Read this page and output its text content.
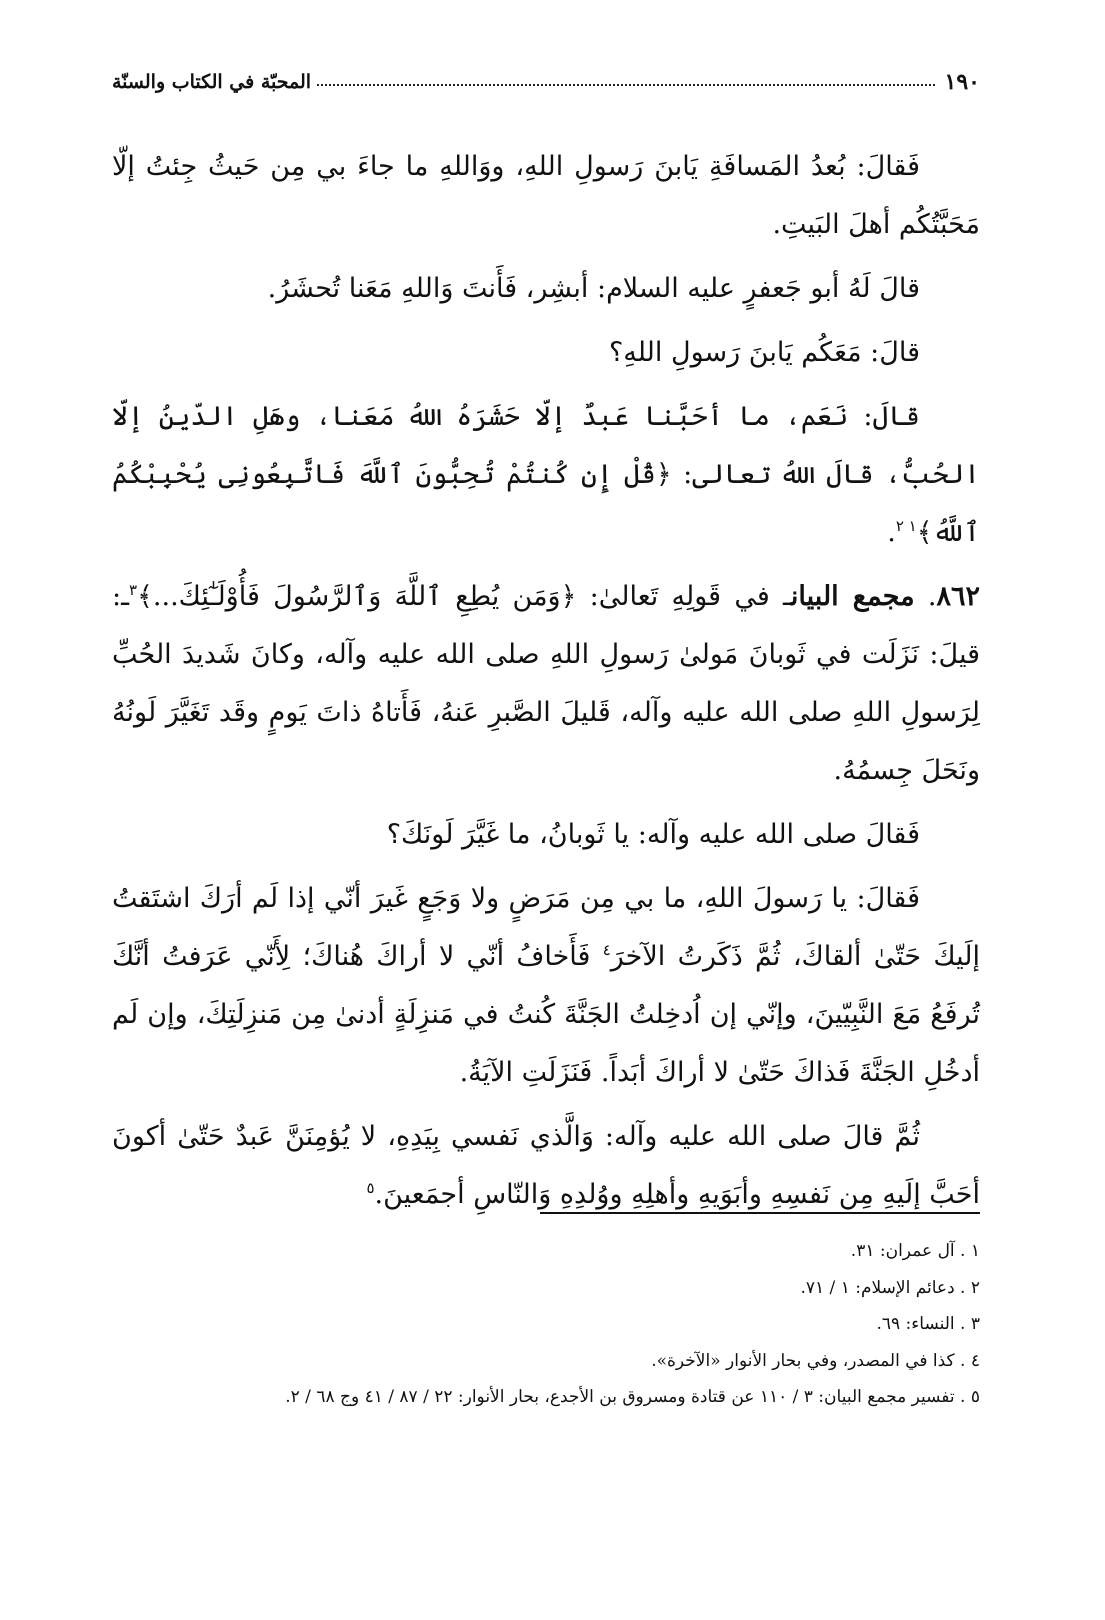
١٩٠
المحبّة في الكتاب والسنّة

فَقالَ: بُعدُ المَسافَةِ يَابنَ رَسولِ اللهِ، ووَاللهِ ما جاءَ بي مِن حَيثُ جِئتُ إلّا مَحَبَّتُكُم أهلَ البَيتِ.

قالَ لَهُ أبو جَعفرٍ عليه السلام: أبشِر، فَأَنتَ وَاللهِ مَعَنا تُحشَرُ.

قالَ: مَعَكُم يَابنَ رَسولِ اللهِ؟

قالَ: نَعَم، ما أحَبَّنا عَبدٌ إلّا حَشَرَهُ اللهُ مَعَنا، وهَلِ الدّينُ إلّا الحُبُّ، قالَ اللهُ تعالى: ﴿قُلْ إِن كُنتُمْ تُحِبُّونَ ٱللَّهَ فَاتَّبِعُونِى يُحْبِبْكُمُ ٱللَّهُ﴾$^{١ ٢}$.

٨٦٢. مجمع البيانـ في قَولِهِ تَعالىٰ: ﴿وَمَن يُطِعِ ٱللَّهَ وَٱلرَّسُولَ فَأُوْلَـٰٓئِكَ...﴾$^٣$ـ: قيلَ: نَزَلَت في ثَوبانَ مَولىٰ رَسولِ اللهِ صلى الله عليه وآله، وكانَ شَديدَ الحُبِّ لِرَسولِ اللهِ صلى الله عليه وآله، قَليلَ الصَّبرِ عَنهُ، فَأَتاهُ ذاتَ يَومٍ وقَد تَغَيَّرَ لَونُهُ ونَحَلَ جِسمُهُ.

فَقالَ صلى الله عليه وآله: يا ثَوبانُ، ما غَيَّرَ لَونَكَ؟

فَقالَ: يا رَسولَ اللهِ، ما بي مِن مَرَضٍ ولا وَجَعٍ غَيرَ أنّي إذا لَم أرَكَ اشتَقتُ إلَيكَ حَتّىٰ ألقاكَ، ثُمَّ ذَكَرتُ الآخرَ$^٤$ فَأَخافُ أنّي لا أراكَ هُناكَ؛ لِأَنّي عَرَفتُ أنَّكَ تُرفَعُ مَعَ النَّبِيّينَ، وإنّي إن اُدخِلتُ الجَنَّةَ كُنتُ في مَنزِلَةٍ أدنىٰ مِن مَنزِلَتِكَ، وإن لَم أدخُلِ الجَنَّةَ فَذاكَ حَتّىٰ لا أراكَ أبَداً. فَنَزَلَتِ الآيَةُ.

ثُمَّ قالَ صلى الله عليه وآله: وَالَّذي نَفسي بِيَدِهِ، لا يُؤمِنَنَّ عَبدٌ حَتّىٰ أكونَ أحَبَّ إلَيهِ مِن نَفسِهِ وأبَوَيهِ وأهلِهِ ووُلدِهِ وَالنّاسِ أجمَعينَ.$^٥$

١ . آل عمران: ٣١.

٢ . دعائم الإسلام: ١ / ٧١.

٣ . النساء: ٦٩.

٤ . كذا في المصدر، وفي بحار الأنوار «الآخرة».

٥ . تفسير مجمع البيان: ٣ / ١١٠ عن قتادة ومسروق بن الأجدع، بحار الأنوار: ٢٢ / ٨٧ / ٤١ وج ٦٨ / ٢.
